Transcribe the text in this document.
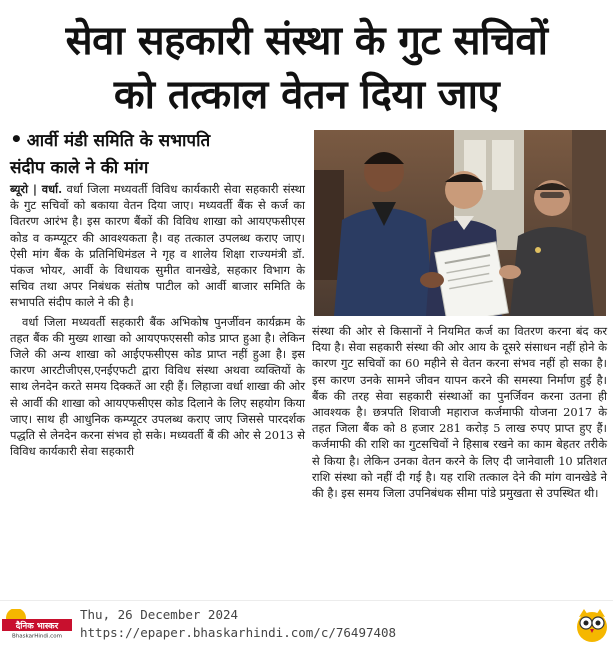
सेवा सहकारी संस्था के गुट सचिवों
को तत्काल वेतन दिया जाए
• आर्वी मंडी समिति के सभापति
संदीप काले ने की मांग

ब्यूरो | वर्धा. वर्धा जिला मध्यवर्ती विविध कार्यकारी सेवा सहकारी संस्था के गुट सचिवों को बकाया वेतन दिया जाए। मध्यवर्ती बैंक से कर्ज का वितरण आरंभ है। इस कारण बैंकों की विविध शाखा को आयएफसीएस कोड व कम्प्यूटर की आवश्यकता है। वह तत्काल उपलब्ध कराए जाए। ऐसी मांग बैंक के प्रतिनिधिमंडल ने गृह व शालेय शिक्षा राज्यमंत्री डॉ. पंकज भोयर, आर्वी के विधायक सुमीत वानखेडे, सहकार विभाग के सचिव तथा अपर निबंधक संतोष पाटील को आर्वी बाजार समिति के सभापति संदीप काले ने की है।

वर्धा जिला मध्यवर्ती सहकारी बैंक अभिकोष पुनर्जीवन कार्यक्रम के तहत बैंक की मुख्य शाखा को आयएफएससी कोड प्राप्त हुआ है। लेकिन जिले की अन्य शाखा को आईएफसीएस कोड प्राप्त नहीं हुआ है। इस कारण आरटीजीएस,एनईएफटी द्वारा विविध संस्था अथवा व्यक्तियों के साथ लेनदेन करते समय दिक्कतें आ रही हैं। लिहाजा वर्धा शाखा की ओर से आर्वी की शाखा को आयएफसीएस कोड दिलाने के लिए सहयोग किया जाए। साथ ही आधुनिक कम्प्यूटर उपलब्ध कराए जाए जिससे पारदर्शक पद्धति से लेनदेन करना संभव हो सके। मध्यवर्ती बैं की ओर से 2013 से विविध कार्यकारी सेवा सहकारी

संस्था की ओर से किसानों ने नियमित कर्ज का वितरण करना बंद कर दिया है। सेवा सहकारी संस्था की ओर आय के दूसरे संसाधन नहीं होने के कारण गुट सचिवों का 60 महीने से वेतन करना संभव नहीं हो सका है। इस कारण उनके सामने जीवन यापन करने की समस्या निर्माण हुई है। बैंक की तरह सेवा सहकारी संस्थाओं का पुनर्जिवन करना उतना ही आवश्यक है। छत्रपति शिवाजी महाराज कर्जमाफी योजना 2017 के तहत जिला बैंक को 8 हजार 281 करोड़ 5 लाख रुपए प्राप्त हुए हैं। कर्जमाफी की राशि का गुटसचिवों ने हिसाब रखने का काम बेहतर तरीके से किया है। लेकिन उनका वेतन करने के लिए दी जानेवाली 10 प्रतिशत राशि संस्था को नहीं दी गई है। यह राशि तत्काल देने की मांग वानखेडे ने की है। इस समय जिला उपनिबंधक सीमा पांडे प्रमुखता से उपस्थित थी।

दैनिक भास्कर
BhaskarHindi.com
Thu, 26 December 2024
https://epaper.bhaskarhindi.com/c/76497408
